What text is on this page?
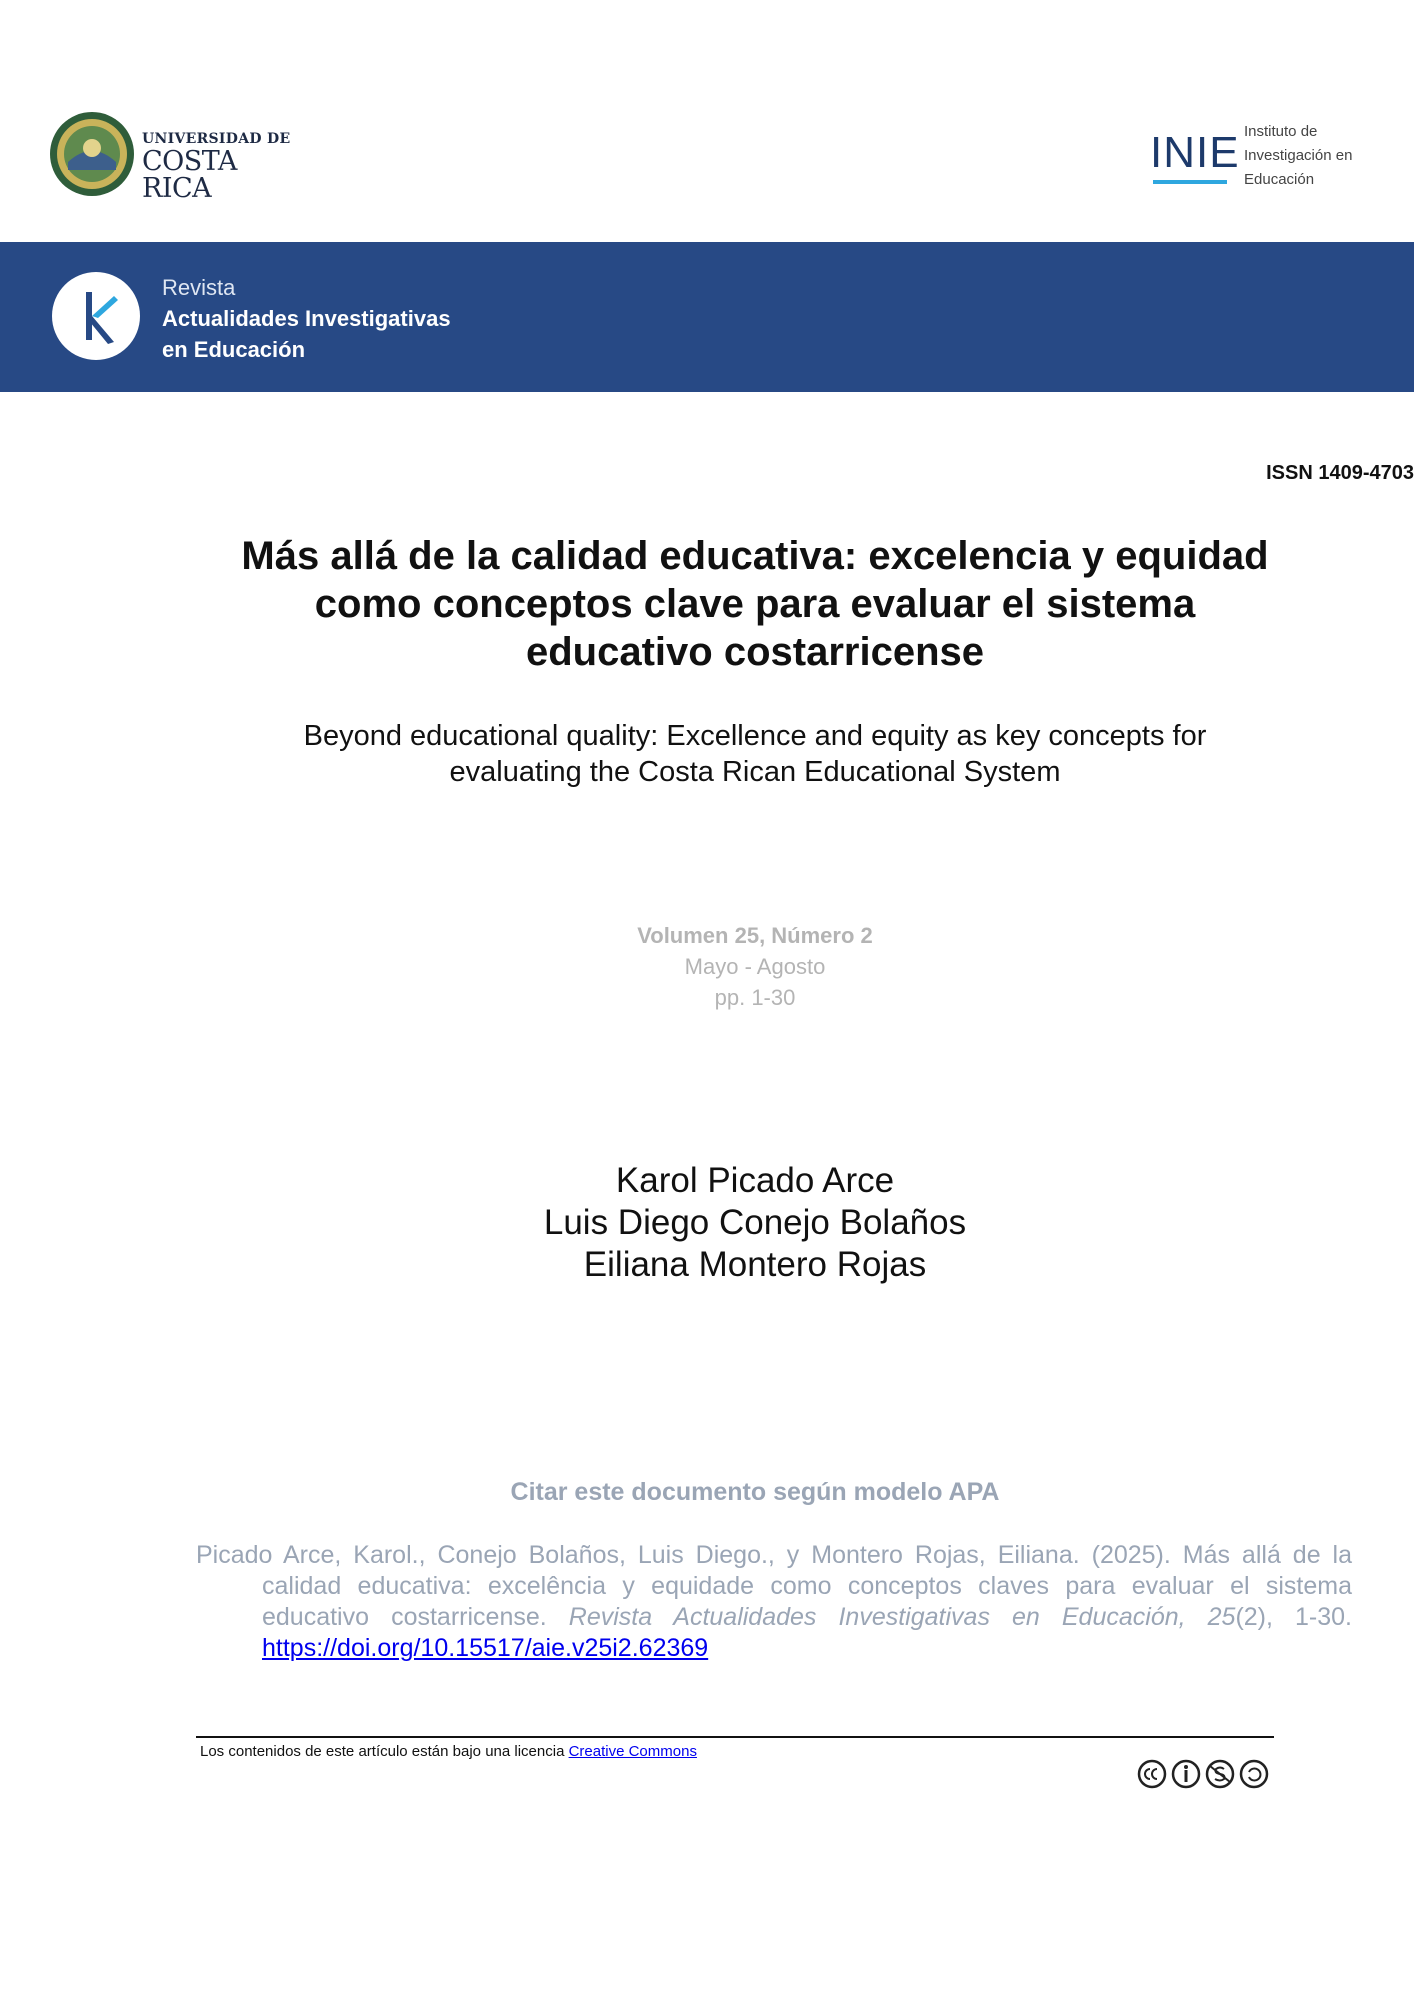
UNIVERSIDAD DE
COSTA RICA
INIE Instituto de
Investigación en
Educación
Revista
Actualidades Investigativas
en Educación
ISSN 1409-4703
Más allá de la calidad educativa: excelencia y equidad
como conceptos clave para evaluar el sistema
educativo costarricense
Beyond educational quality: Excellence and equity as key concepts for
evaluating the Costa Rican Educational System
Volumen 25, Número 2
Mayo - Agosto
pp. 1-30
Karol Picado Arce
Luis Diego Conejo Bolaños
Eiliana Montero Rojas
Citar este documento según modelo APA
Picado Arce, Karol., Conejo Bolaños, Luis Diego., y Montero Rojas, Eiliana. (2025). Más allá de la calidad educativa: excelência y equidade como conceptos claves para evaluar el sistema educativo costarricense. Revista Actualidades Investigativas en Educación, 25(2), 1-30. https://doi.org/10.15517/aie.v25i2.62369
Los contenidos de este artículo están bajo una licencia Creative Commons
